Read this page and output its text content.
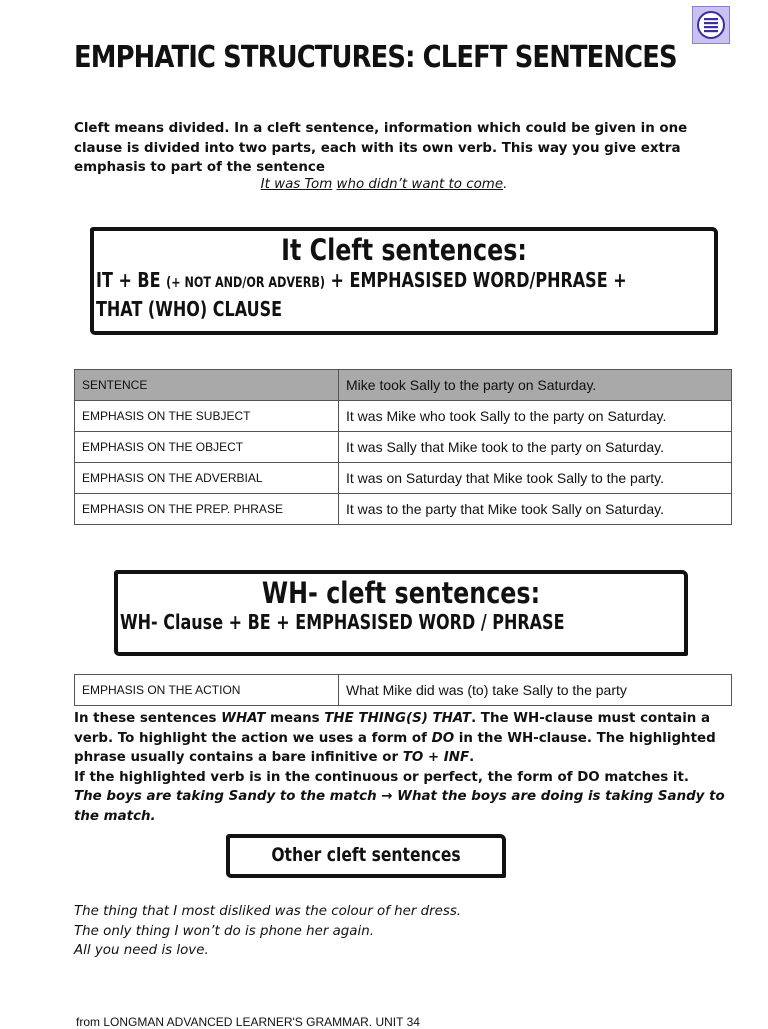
EMPHATIC STRUCTURES: CLEFT SENTENCES
Cleft means divided. In a cleft sentence, information which could be given in one clause is divided into two parts, each with its own verb. This way you give extra emphasis to part of the sentence
It was Tom who didn’t want to come.
It Cleft sentences:
IT + BE (+ NOT AND/OR ADVERB) + EMPHASISED WORD/PHRASE +
THAT (WHO) CLAUSE
SENTENCE	Mike took Sally to the party on Saturday.
EMPHASIS ON THE SUBJECT	It was Mike who took Sally to the party on Saturday.
EMPHASIS ON THE OBJECT	It was Sally that Mike took to the party on Saturday.
EMPHASIS ON THE ADVERBIAL	It was on Saturday that Mike took Sally to the party.
EMPHASIS ON THE PREP. PHRASE	It was to the party that Mike took Sally on Saturday.
WH- cleft sentences:
WH- Clause + BE + EMPHASISED WORD / PHRASE
EMPHASIS ON THE ACTION	What Mike did was (to) take Sally to the party
In these sentences WHAT means THE THING(S) THAT. The WH-clause must contain a verb. To highlight the action we uses a form of DO in the WH-clause. The highlighted phrase usually contains a bare infinitive or TO + INF.
If the highlighted verb is in the continuous or perfect, the form of DO matches it.
The boys are taking Sandy to the match → What the boys are doing is taking Sandy to the match.
Other cleft sentences
The thing that I most disliked was the colour of her dress.
The only thing I won’t do is phone her again.
All you need is love.
from LONGMAN ADVANCED LEARNER'S GRAMMAR. UNIT 34
